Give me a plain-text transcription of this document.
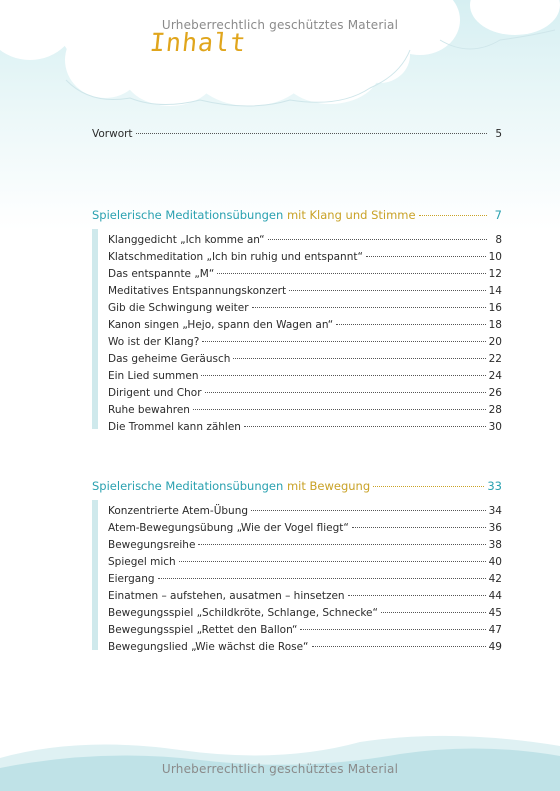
Urheberrechtlich geschütztes Material
Inhalt
Vorwort	5
Spielerische Meditationsübungen
mit Klang und Stimme	7
Klanggedicht „Ich komme an“	8
Klatschmeditation „Ich bin ruhig und entspannt“	10
Das entspannte „M“	12
Meditatives Entspannungskonzert	14
Gib die Schwingung weiter	16
Kanon singen „Hejo, spann den Wagen an“	18
Wo ist der Klang?	20
Das geheime Geräusch	22
Ein Lied summen	24
Dirigent und Chor	26
Ruhe bewahren	28
Die Trommel kann zählen	30
Spielerische Meditationsübungen
mit Bewegung	33
Konzentrierte Atem-Übung	34
Atem-Bewegungsübung „Wie der Vogel fliegt“	36
Bewegungsreihe	38
Spiegel mich	40
Eiergang	42
Einatmen – aufstehen, ausatmen – hinsetzen	44
Bewegungsspiel „Schildkröte, Schlange, Schnecke“	45
Bewegungsspiel „Rettet den Ballon“	47
Bewegungslied „Wie wächst die Rose“	49
Urheberrechtlich geschütztes Material
